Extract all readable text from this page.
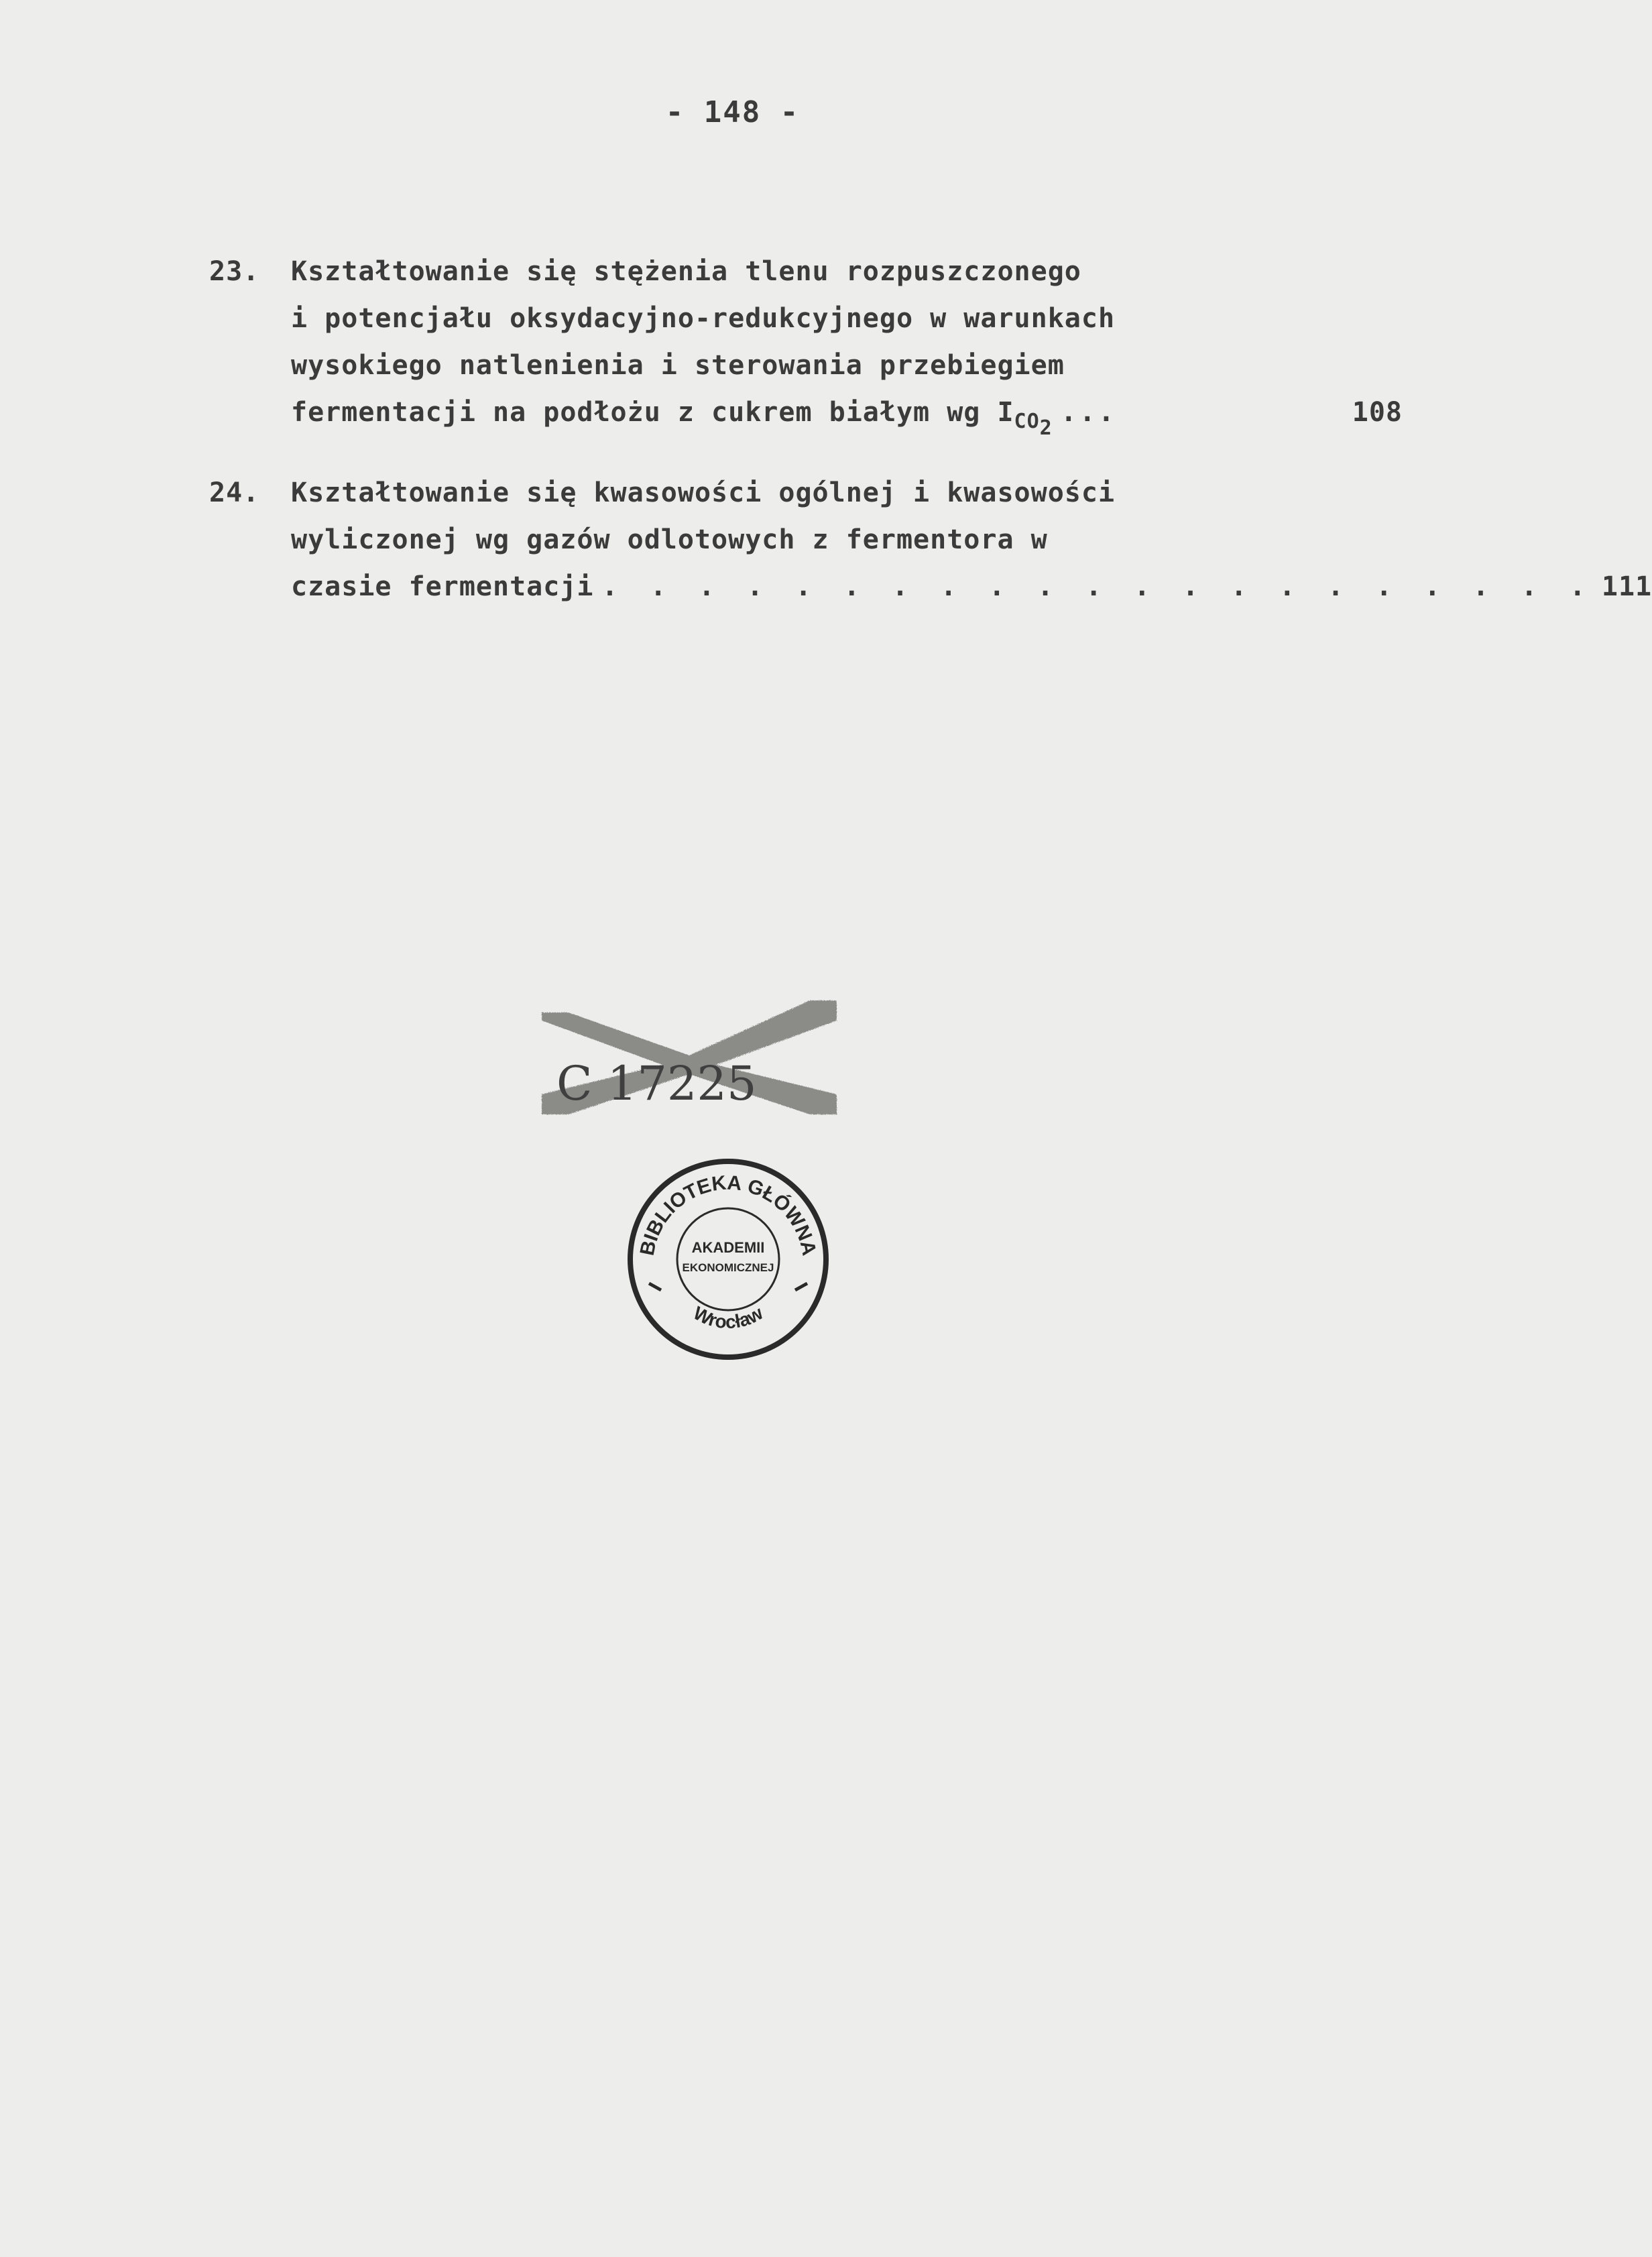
- 148 -
23. Kształtowanie się stężenia tlenu rozpuszczonego
i potencjału oksydacyjno-redukcyjnego w warunkach
wysokiego natlenienia i sterowania przebiegiem
fermentacji na podłożu z cukrem białym wg $I_{CO_2}$
...	108
24. Kształtowanie się kwasowości ogólnej i kwasowości
wyliczonej wg gazów odlotowych z fermentora w
czasie fermentacji . . . . . . . . . . . . . . . . . . . . . 111
C 17225
BIBLIOTEKA GŁÓWNA
AKADEMII
EKONOMICZNEJ
Wrocław
